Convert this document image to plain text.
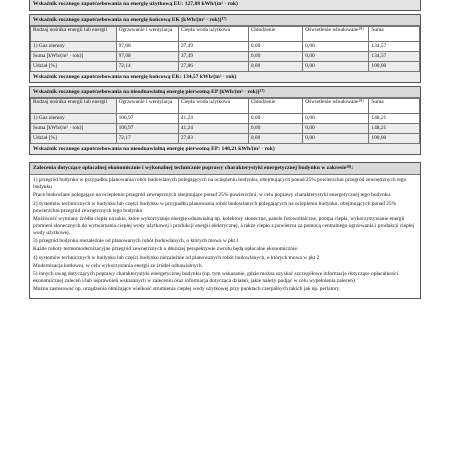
Wskaźnik rocznego zapotrzebowania na energię użytkową EU: 127,88 kWh/(m² · rok)
Wskaźnik rocznego zapotrzebowania na energię końcową EK $[kWh/(m^2 \cdot rok)]^{17)}$
Rodzaj nośnika energii lub energii	Ogrzewanie i wentylacja	Ciepła woda użytkowa	Chłodzenie	Oświetlenie wbudowane$^{18)}$	Suma
1) Gaz ziemny	97,08	37,49	0,00	0,00	134,57
Suma [kWh/(m² · rok)]	97,08	37,49	0,00	0,00	134,57
Udział [%]	72,14	27,86	0,00	0,00	100,00
Wskaźnik rocznego zapotrzebowania na energię końcową EK: 134,57 kWh/(m² · rok)
Wskaźnik rocznego zapotrzebowania na nieodnawialną energię pierwotną EP $[kWh/(m^2 \cdot rok)]^{17)}$
Rodzaj nośnika energii lub energii	Ogrzewanie i wentylacja	Ciepła woda użytkowa	Chłodzenie	Oświetlenie wbudowane$^{18)}$	Suma
1) Gaz ziemny	106,97	41,24	0,00	0,00	148,21
Suma [kWh/(m² · rok)]	106,97	41,24	0,00	0,00	148,21
Udział [%]	72,17	27,83	0,00	0,00	100,00
Wskaźnik rocznego zapotrzebowania na nieodnawialną energię pierwotną EP: 148,21 kWh/(m² · rok)
Zalecenia dotyczące opłacalnej ekonomicznie i wykonalnej technicznie poprawy charakterystyki energetycznej budynku w zakresie$^{19)}$:

1) przegród budynku w przypadku planowania robót budowlanych polegających na ociepleniu budynku, obejmujących ponad 25% powierzchni przegród zewnętrznych tego budynku

Prace budowlane polegające na ociepleniu przegród zewnętrznych obejmujące ponad 25% powierzchni, w celu poprawy charakterystyki energetycznej tego budynku.

2) systemów technicznych w budynku lub części budynku w przypadku planowania robót budowlanych polegających na ociepleniu budynku, obejmujących ponad 25% powierzchni przegród zewnętrznych tego budynku

Możliwość wymiany źródła ciepła na takie, które wykorzystuje energię odnawialną np. kolektory słoneczne, panele fotowoltaiczne, pompa ciepła, wykorzystywanie energii promieni słonecznych do wytwarzania ciepłej wody użytkowej i produkcji energii elektrycznej, a także ciepło z powietrza za pomocą centralnego ogrzewania i produkcji ciepłej wody użytkowej.

3) przegród budynku niezależnie od planowanych robót budowlanych, o których mowa w pkt 1

Każde roboty termomodernizacyjne przegród zewnętrznych o dłuższej perspektywie zwrotu będą opłacalne ekonomicznie.

4) systemów technicznych w budynku lub części budynku niezależnie od planowanych robót budowlanych, o których mowa w pkt 2

Modernizacja kotłowni, w celu wykorzystania energii ze źródeł odnawialnych.

5) innych uwag dotyczących poprawy charakterystyki energetycznej budynku (np. tym wskazanie, gdzie można uzyskać szczegółowe informacje dotyczące opłacalności ekonomicznej zaleceń i/lub usprawnień wskazanych w zaleceniu oraz informacja dotycząca działań, jakie należy podjąć w celu wypełnienia zaleceń)

Można zastosować np. urządzenia obniżające wielkość strumienia ciepłej wody użytkowej przy punktach czerpalnych takich jak np. perlatory.
